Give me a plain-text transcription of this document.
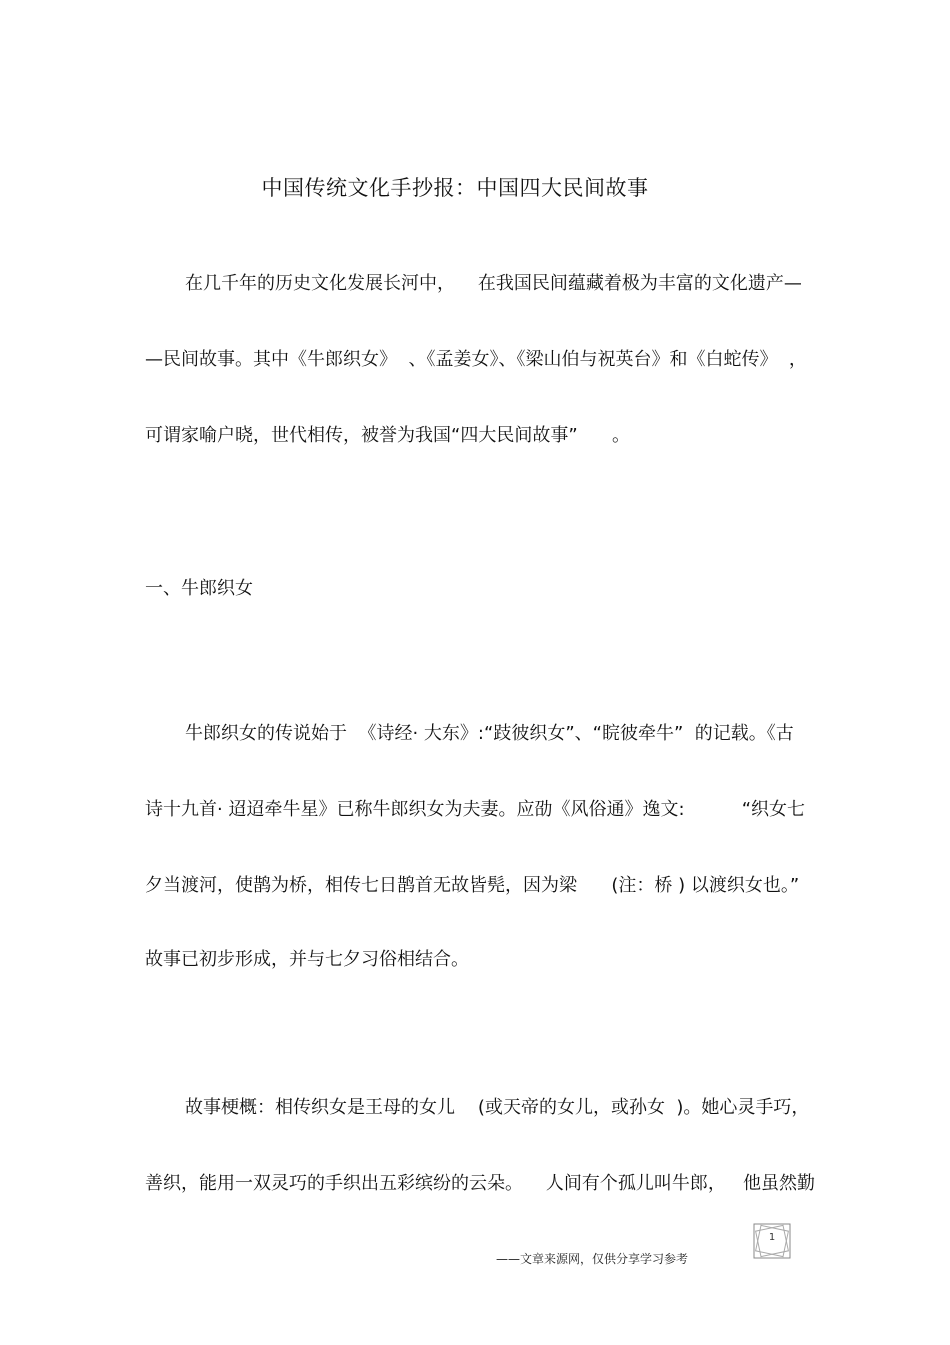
中国传统文化手抄报：中国四大民间故事
在几千年的历史文化发展长河中，    在我国民间蕴藏着极为丰富的文化遗产—
—民间故事。其中《牛郎织女》  、《孟姜女》、《梁山伯与祝英台》和《白蛇传》  ，
可谓家喻户晓，世代相传，被誉为我国“四大民间故事”      。
一、牛郎织女
牛郎织女的传说始于  《诗经· 大东》:“跂彼织女”、“睆彼牵牛”  的记载。《古
诗十九首· 迢迢牵牛星》已称牛郎织女为夫妻。应劭《风俗通》逸文:          “织女七
夕当渡河，使鹊为桥，相传七日鹊首无故皆髡，因为梁      (注：桥 ) 以渡织女也。”
故事已初步形成，并与七夕习俗相结合。
故事梗概：相传织女是王母的女儿    (或天帝的女儿，或孙女  )。她心灵手巧，
善织，能用一双灵巧的手织出五彩缤纷的云朵。    人间有个孤儿叫牛郎，   他虽然勤
1
——文章来源网，仅供分享学习参考
